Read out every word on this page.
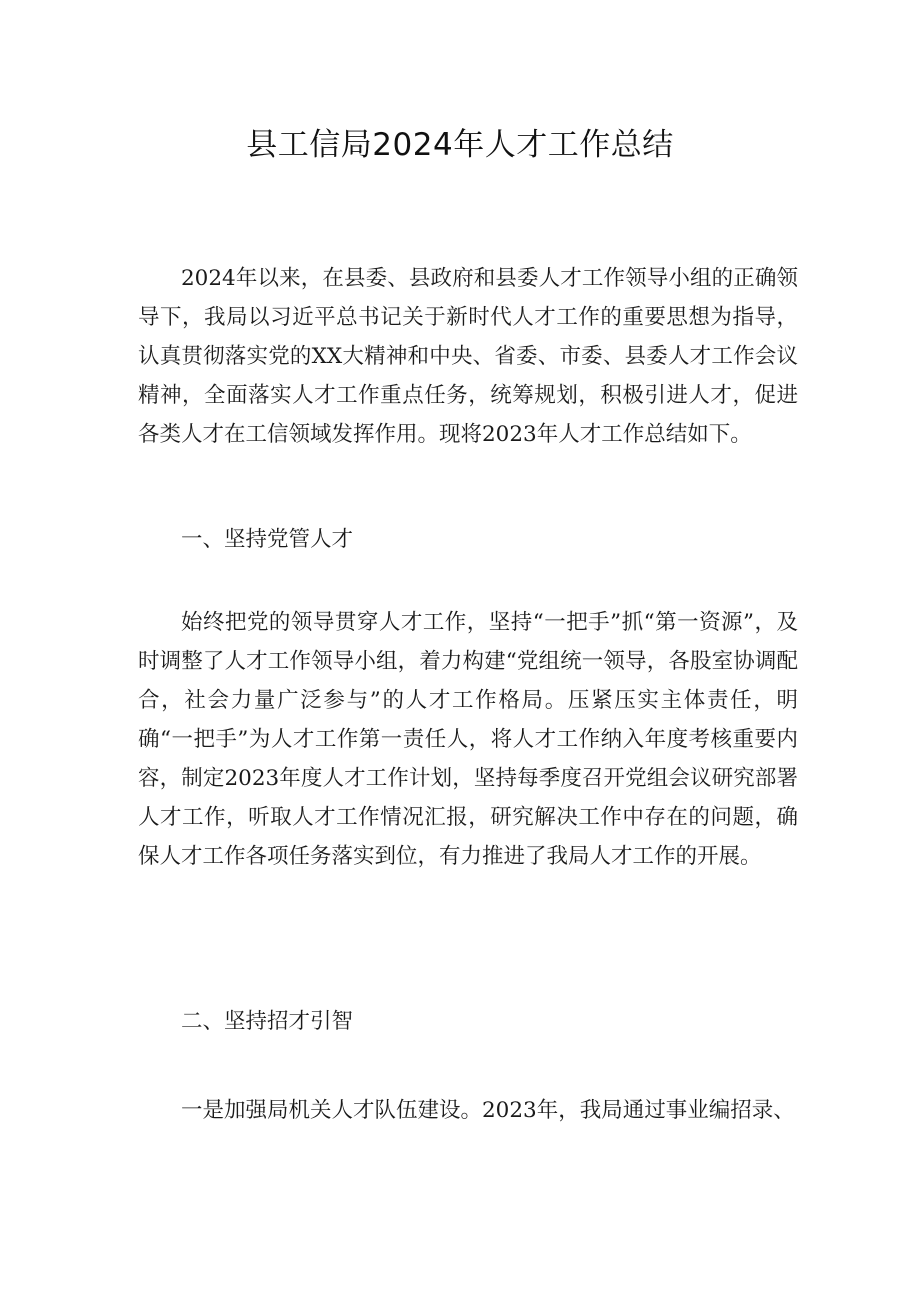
县工信局2024年人才工作总结

2024年以来，在县委、县政府和县委人才工作领导小组的正确领导下，我局以习近平总书记关于新时代人才工作的重要思想为指导，认真贯彻落实党的XX大精神和中央、省委、市委、县委人才工作会议精神，全面落实人才工作重点任务，统筹规划，积极引进人才，促进各类人才在工信领域发挥作用。现将2023年人才工作总结如下。

一、坚持党管人才

始终把党的领导贯穿人才工作，坚持“一把手”抓“第一资源”，及时调整了人才工作领导小组，着力构建“党组统一领导，各股室协调配合，社会力量广泛参与”的人才工作格局。压紧压实主体责任，明确“一把手”为人才工作第一责任人，将人才工作纳入年度考核重要内容，制定2023年度人才工作计划，坚持每季度召开党组会议研究部署人才工作，听取人才工作情况汇报，研究解决工作中存在的问题，确保人才工作各项任务落实到位，有力推进了我局人才工作的开展。

二、坚持招才引智

一是加强局机关人才队伍建设。2023年，我局通过事业编招录、
